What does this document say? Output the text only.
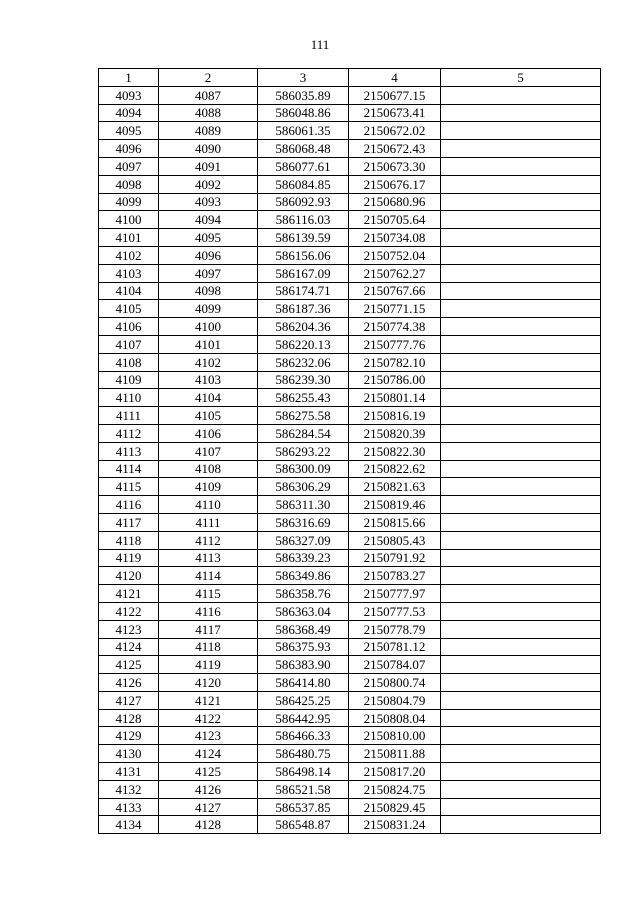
111
1	2	3	4	5
4093	4087	586035.89	2150677.15	
4094	4088	586048.86	2150673.41	
4095	4089	586061.35	2150672.02	
4096	4090	586068.48	2150672.43	
4097	4091	586077.61	2150673.30	
4098	4092	586084.85	2150676.17	
4099	4093	586092.93	2150680.96	
4100	4094	586116.03	2150705.64	
4101	4095	586139.59	2150734.08	
4102	4096	586156.06	2150752.04	
4103	4097	586167.09	2150762.27	
4104	4098	586174.71	2150767.66	
4105	4099	586187.36	2150771.15	
4106	4100	586204.36	2150774.38	
4107	4101	586220.13	2150777.76	
4108	4102	586232.06	2150782.10	
4109	4103	586239.30	2150786.00	
4110	4104	586255.43	2150801.14	
4111	4105	586275.58	2150816.19	
4112	4106	586284.54	2150820.39	
4113	4107	586293.22	2150822.30	
4114	4108	586300.09	2150822.62	
4115	4109	586306.29	2150821.63	
4116	4110	586311.30	2150819.46	
4117	4111	586316.69	2150815.66	
4118	4112	586327.09	2150805.43	
4119	4113	586339.23	2150791.92	
4120	4114	586349.86	2150783.27	
4121	4115	586358.76	2150777.97	
4122	4116	586363.04	2150777.53	
4123	4117	586368.49	2150778.79	
4124	4118	586375.93	2150781.12	
4125	4119	586383.90	2150784.07	
4126	4120	586414.80	2150800.74	
4127	4121	586425.25	2150804.79	
4128	4122	586442.95	2150808.04	
4129	4123	586466.33	2150810.00	
4130	4124	586480.75	2150811.88	
4131	4125	586498.14	2150817.20	
4132	4126	586521.58	2150824.75	
4133	4127	586537.85	2150829.45	
4134	4128	586548.87	2150831.24	
